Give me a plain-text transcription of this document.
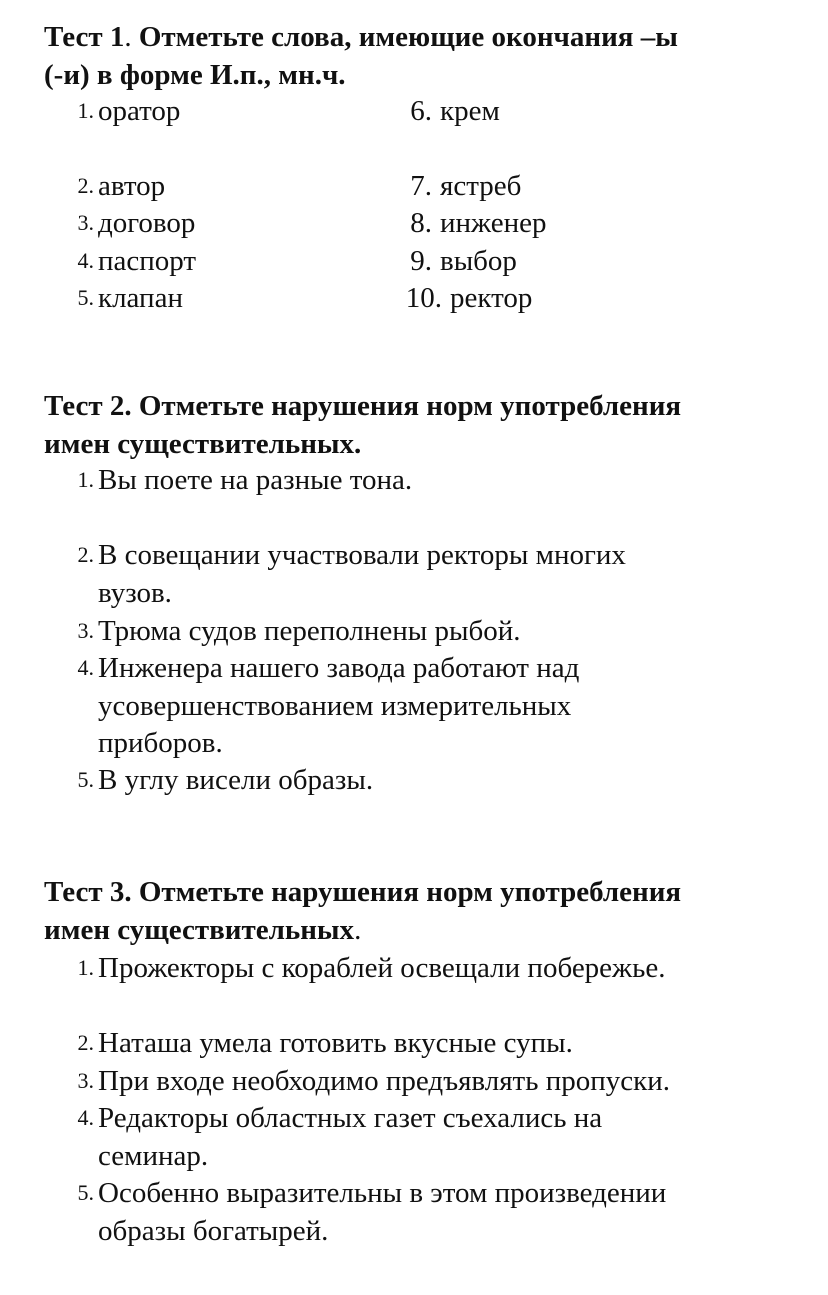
Тест 1. Отметьте слова, имеющие окончания –ы
(-и) в форме И.п., мн.ч.
1. оратор
2. автор
3. договор
4. паспорт
5. клапан
6. крем
7. ястреб
8. инженер
9. выбор
10. ректор
Тест 2. Отметьте нарушения норм употребления
имен существительных.
1. Вы поете на разные тона.
2. В совещании участвовали ректоры многих
вузов.
3. Трюма судов переполнены рыбой.
4. Инженера нашего завода работают над
усовершенствованием измерительных
приборов.
5. В углу висели образы.
Тест 3. Отметьте нарушения норм употребления
имен существительных.
1. Прожекторы с кораблей освещали побережье.
2. Наташа умела готовить вкусные супы.
3. При входе необходимо предъявлять пропуски.
4. Редакторы областных газет съехались на
семинар.
5. Особенно выразительны в этом произведении
образы богатырей.
